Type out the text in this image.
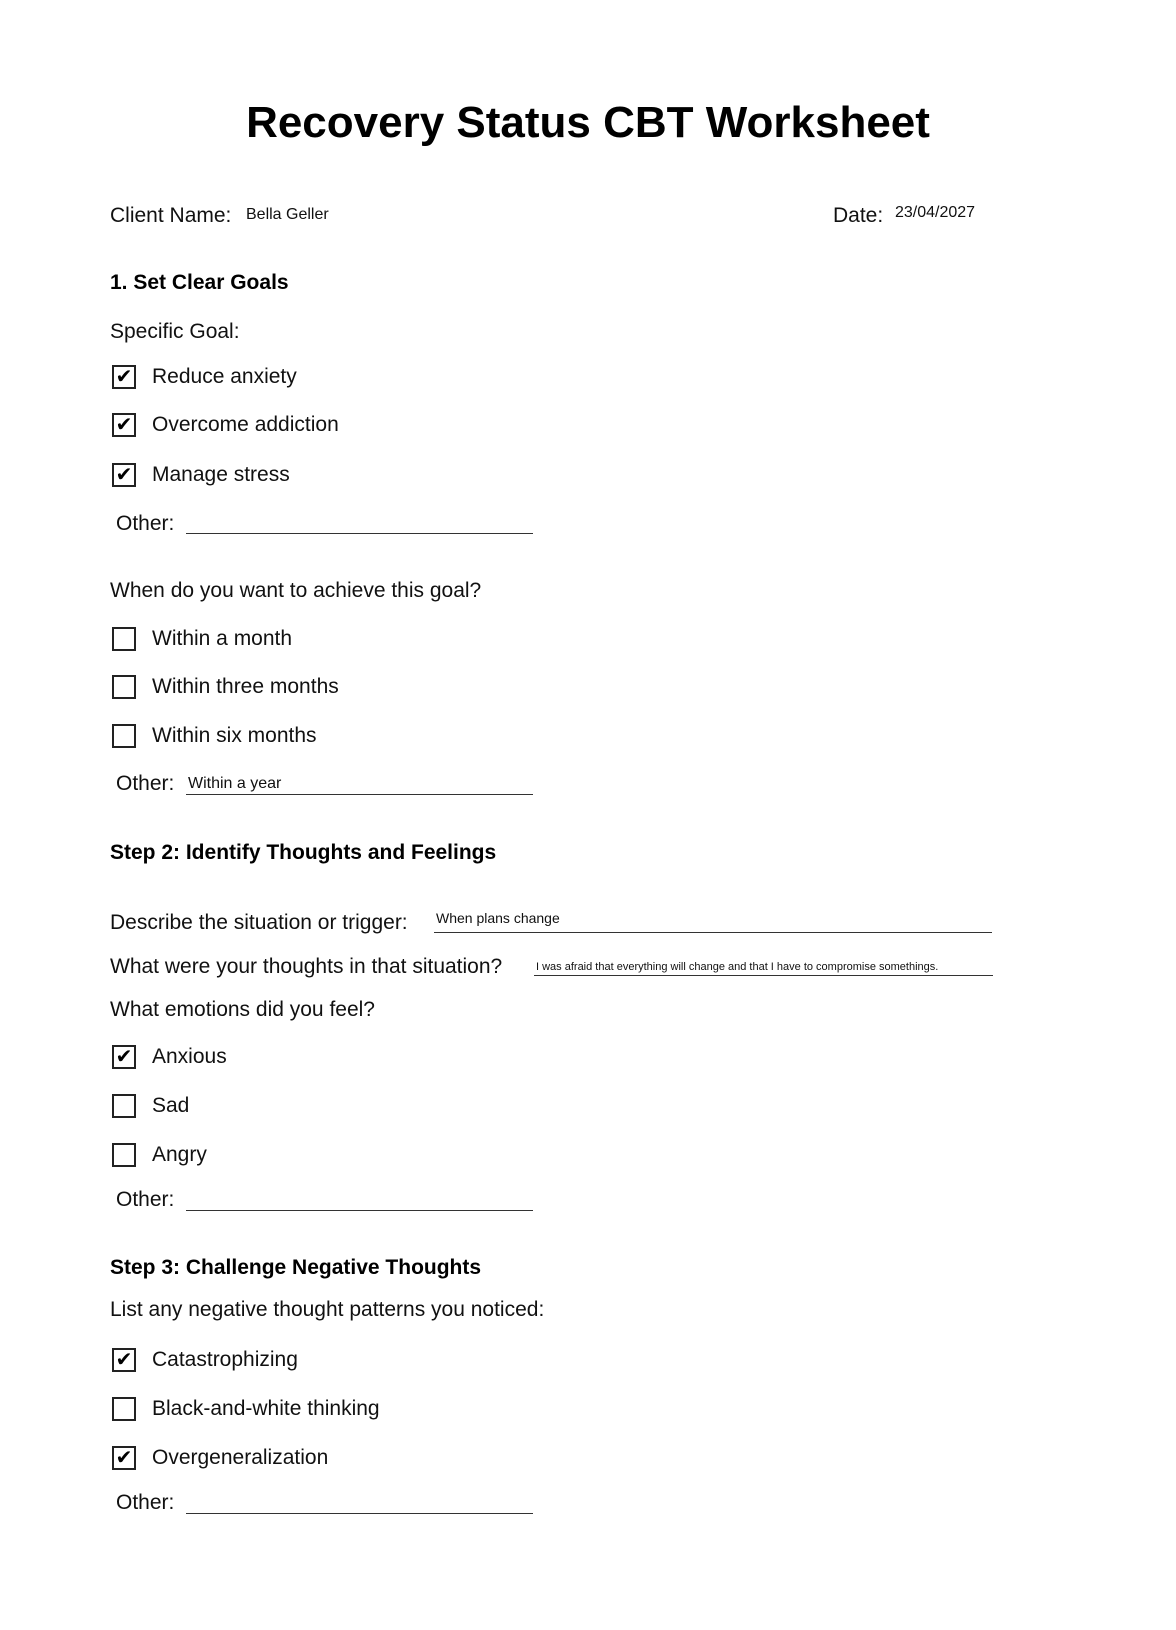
Recovery Status CBT Worksheet
Client Name: Bella Geller	Date: 23/04/2027
1. Set Clear Goals
Specific Goal:
✔ Reduce anxiety
✔ Overcome addiction
✔ Manage stress
Other:
When do you want to achieve this goal?
Within a month
Within three months
Within six months
Other: Within a year
Step 2: Identify Thoughts and Feelings
Describe the situation or trigger: When plans change
What were your thoughts in that situation?	I was afraid that everything will change and that I have to compromise somethings.
What emotions did you feel?
✔ Anxious
Sad
Angry
Other:
Step 3: Challenge Negative Thoughts
List any negative thought patterns you noticed:
✔ Catastrophizing
Black-and-white thinking
✔ Overgeneralization
Other:
